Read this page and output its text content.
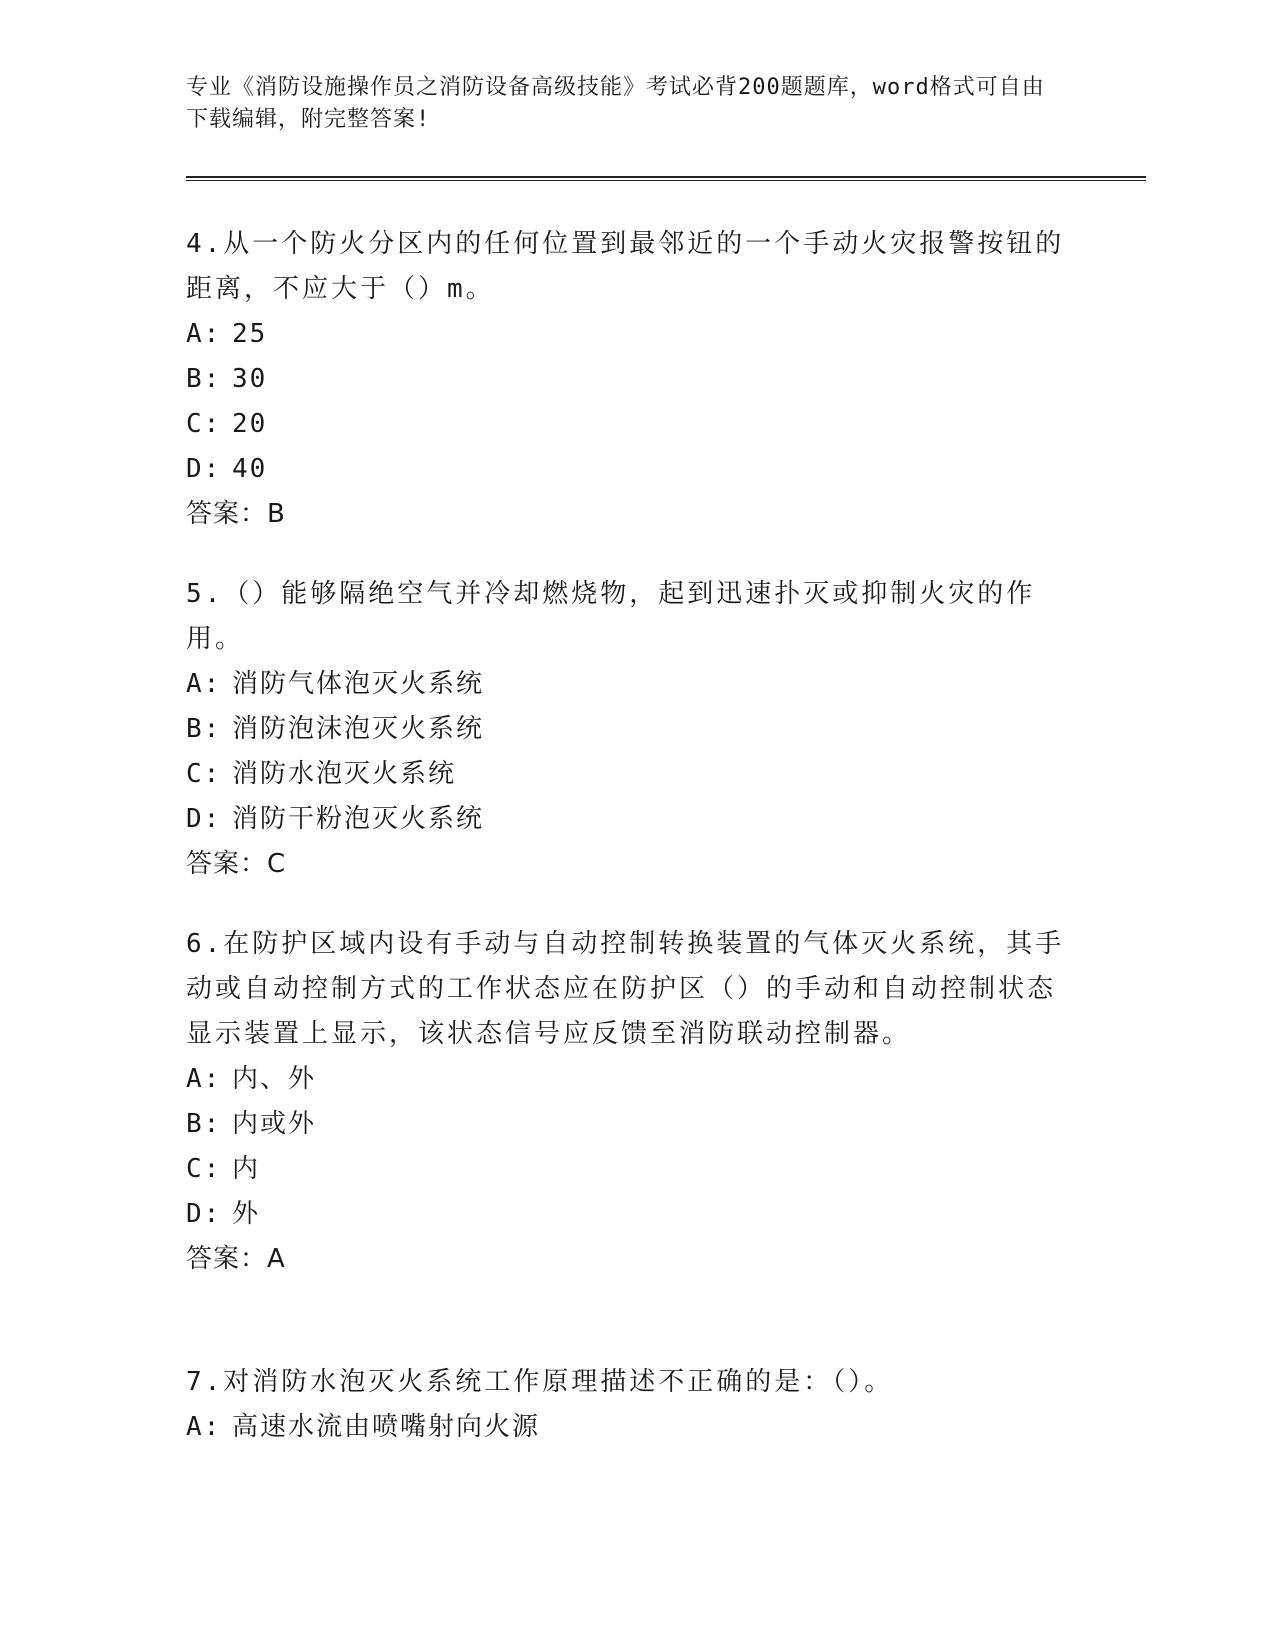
专业《消防设施操作员之消防设备高级技能》考试必背200题题库，word格式可自由下载编辑，附完整答案!

4.从一个防火分区内的任何位置到最邻近的一个手动火灾报警按钮的距离，不应大于（）m。

A: 25

B: 30

C: 20

D: 40

答案：B

5.（）能够隔绝空气并冷却燃烧物，起到迅速扑灭或抑制火灾的作用。

A: 消防气体泡灭火系统

B: 消防泡沫泡灭火系统

C: 消防水泡灭火系统

D: 消防干粉泡灭火系统

答案：C

6.在防护区域内设有手动与自动控制转换装置的气体灭火系统，其手动或自动控制方式的工作状态应在防护区（）的手动和自动控制状态显示装置上显示，该状态信号应反馈至消防联动控制器。

A: 内、外

B: 内或外

C: 内

D: 外

答案：A

7.对消防水泡灭火系统工作原理描述不正确的是：（）。

A: 高速水流由喷嘴射向火源
